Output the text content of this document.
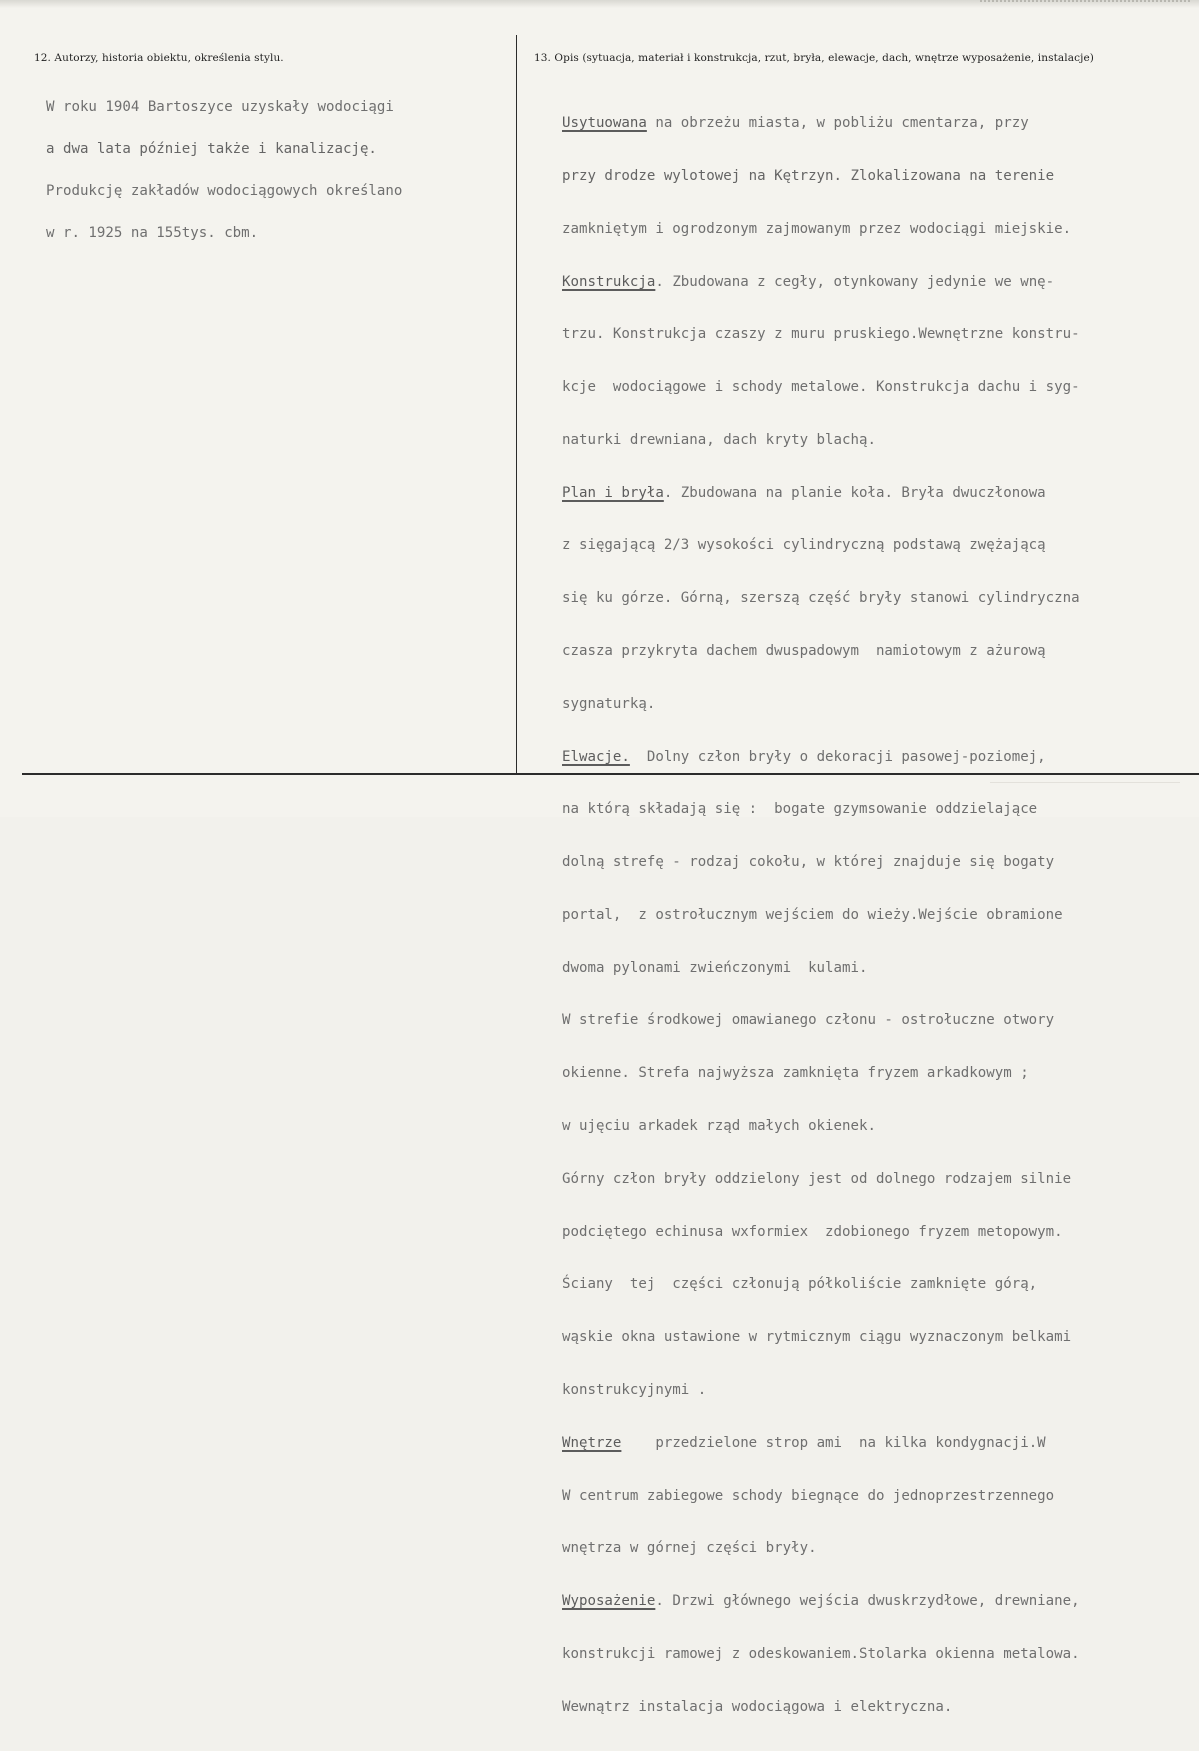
12. Autorzy, historia obiektu, określenia stylu.	13. Opis (sytuacja, materiał i konstrukcja, rzut, bryła, elewacje, dach, wnętrze wyposażenie, instalacje)

W roku 1904 Bartoszyce uzyskały wodociągi

a dwa lata później także i kanalizację.

Produkcję zakładów wodociągowych określano

w r. 1925 na 155tys. cbm.

Usytuowana na obrzeżu miasta, w pobliżu cmentarza, przy

przy drodze wylotowej na Kętrzyn. Zlokalizowana na terenie

zamkniętym i ogrodzonym zajmowanym przez wodociągi miejskie.

Konstrukcja. Zbudowana z cegły, otynkowany jedynie we wnę-

trzu. Konstrukcja czaszy z muru pruskiego.Wewnętrzne konstru-

kcje  wodociągowe i schody metalowe. Konstrukcja dachu i syg-

naturki drewniana, dach kryty blachą.

Plan i bryła. Zbudowana na planie koła. Bryła dwuczłonowa

z sięgającą 2/3 wysokości cylindryczną podstawą zwężającą

się ku górze. Górną, szerszą część bryły stanowi cylindryczna

czasza przykryta dachem dwuspadowym  namiotowym z ażurową

sygnaturką.

Elwacje.  Dolny człon bryły o dekoracji pasowej-poziomej,

na którą składają się :  bogate gzymsowanie oddzielające

dolną strefę - rodzaj cokołu, w której znajduje się bogaty

portal,  z ostrołucznym wejściem do wieży.Wejście obramione

dwoma pylonami zwieńczonymi  kulami.

W strefie środkowej omawianego członu - ostrołuczne otwory

okienne. Strefa najwyższa zamknięta fryzem arkadkowym ;

w ujęciu arkadek rząd małych okienek.

Górny człon bryły oddzielony jest od dolnego rodzajem silnie

podciętego echinusa wxformiex  zdobionego fryzem metopowym.

Ściany  tej  części członują półkoliście zamknięte górą,

wąskie okna ustawione w rytmicznym ciągu wyznaczonym belkami

konstrukcyjnymi .

Wnętrze    przedzielone strop ami  na kilka kondygnacji.W

W centrum zabiegowe schody biegnące do jednoprzestrzennego

wnętrza w górnej części bryły.

Wyposażenie. Drzwi głównego wejścia dwuskrzydłowe, drewniane,

konstrukcji ramowej z odeskowaniem.Stolarka okienna metalowa.

Wewnątrz instalacja wodociągowa i elektryczna.
